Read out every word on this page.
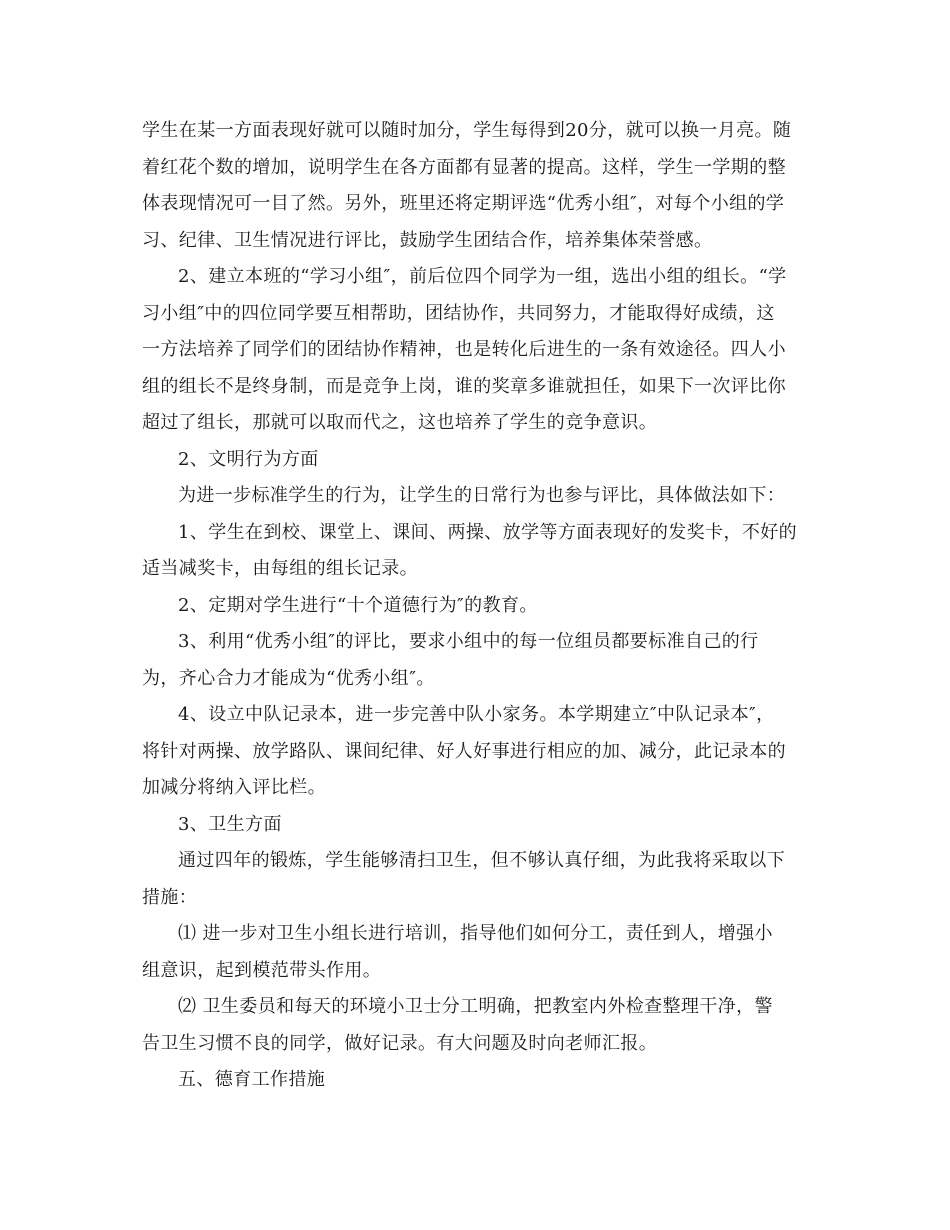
学生在某一方面表现好就可以随时加分，学生每得到20分，就可以换一月亮。随
着红花个数的增加，说明学生在各方面都有显著的提高。这样，学生一学期的整
体表现情况可一目了然。另外，班里还将定期评选“优秀小组″，对每个小组的学
习、纪律、卫生情况进行评比，鼓励学生团结合作，培养集体荣誉感。
2、建立本班的“学习小组″，前后位四个同学为一组，选出小组的组长。“学
习小组″中的四位同学要互相帮助，团结协作，共同努力，才能取得好成绩，这
一方法培养了同学们的团结协作精神，也是转化后进生的一条有效途径。四人小
组的组长不是终身制，而是竞争上岗，谁的奖章多谁就担任，如果下一次评比你
超过了组长，那就可以取而代之，这也培养了学生的竞争意识。
2、文明行为方面
为进一步标准学生的行为，让学生的日常行为也参与评比，具体做法如下：
1、学生在到校、课堂上、课间、两操、放学等方面表现好的发奖卡，不好的
适当减奖卡，由每组的组长记录。
2、定期对学生进行“十个道德行为″的教育。
3、利用“优秀小组″的评比，要求小组中的每一位组员都要标准自己的行
为，齐心合力才能成为“优秀小组″。
4、设立中队记录本，进一步完善中队小家务。本学期建立″中队记录本″，
将针对两操、放学路队、课间纪律、好人好事进行相应的加、减分，此记录本的
加减分将纳入评比栏。
3、卫生方面
通过四年的锻炼，学生能够清扫卫生，但不够认真仔细，为此我将采取以下
措施：
⑴ 进一步对卫生小组长进行培训，指导他们如何分工，责任到人，增强小
组意识，起到模范带头作用。
⑵ 卫生委员和每天的环境小卫士分工明确，把教室内外检查整理干净，警
告卫生习惯不良的同学，做好记录。有大问题及时向老师汇报。
五、德育工作措施
